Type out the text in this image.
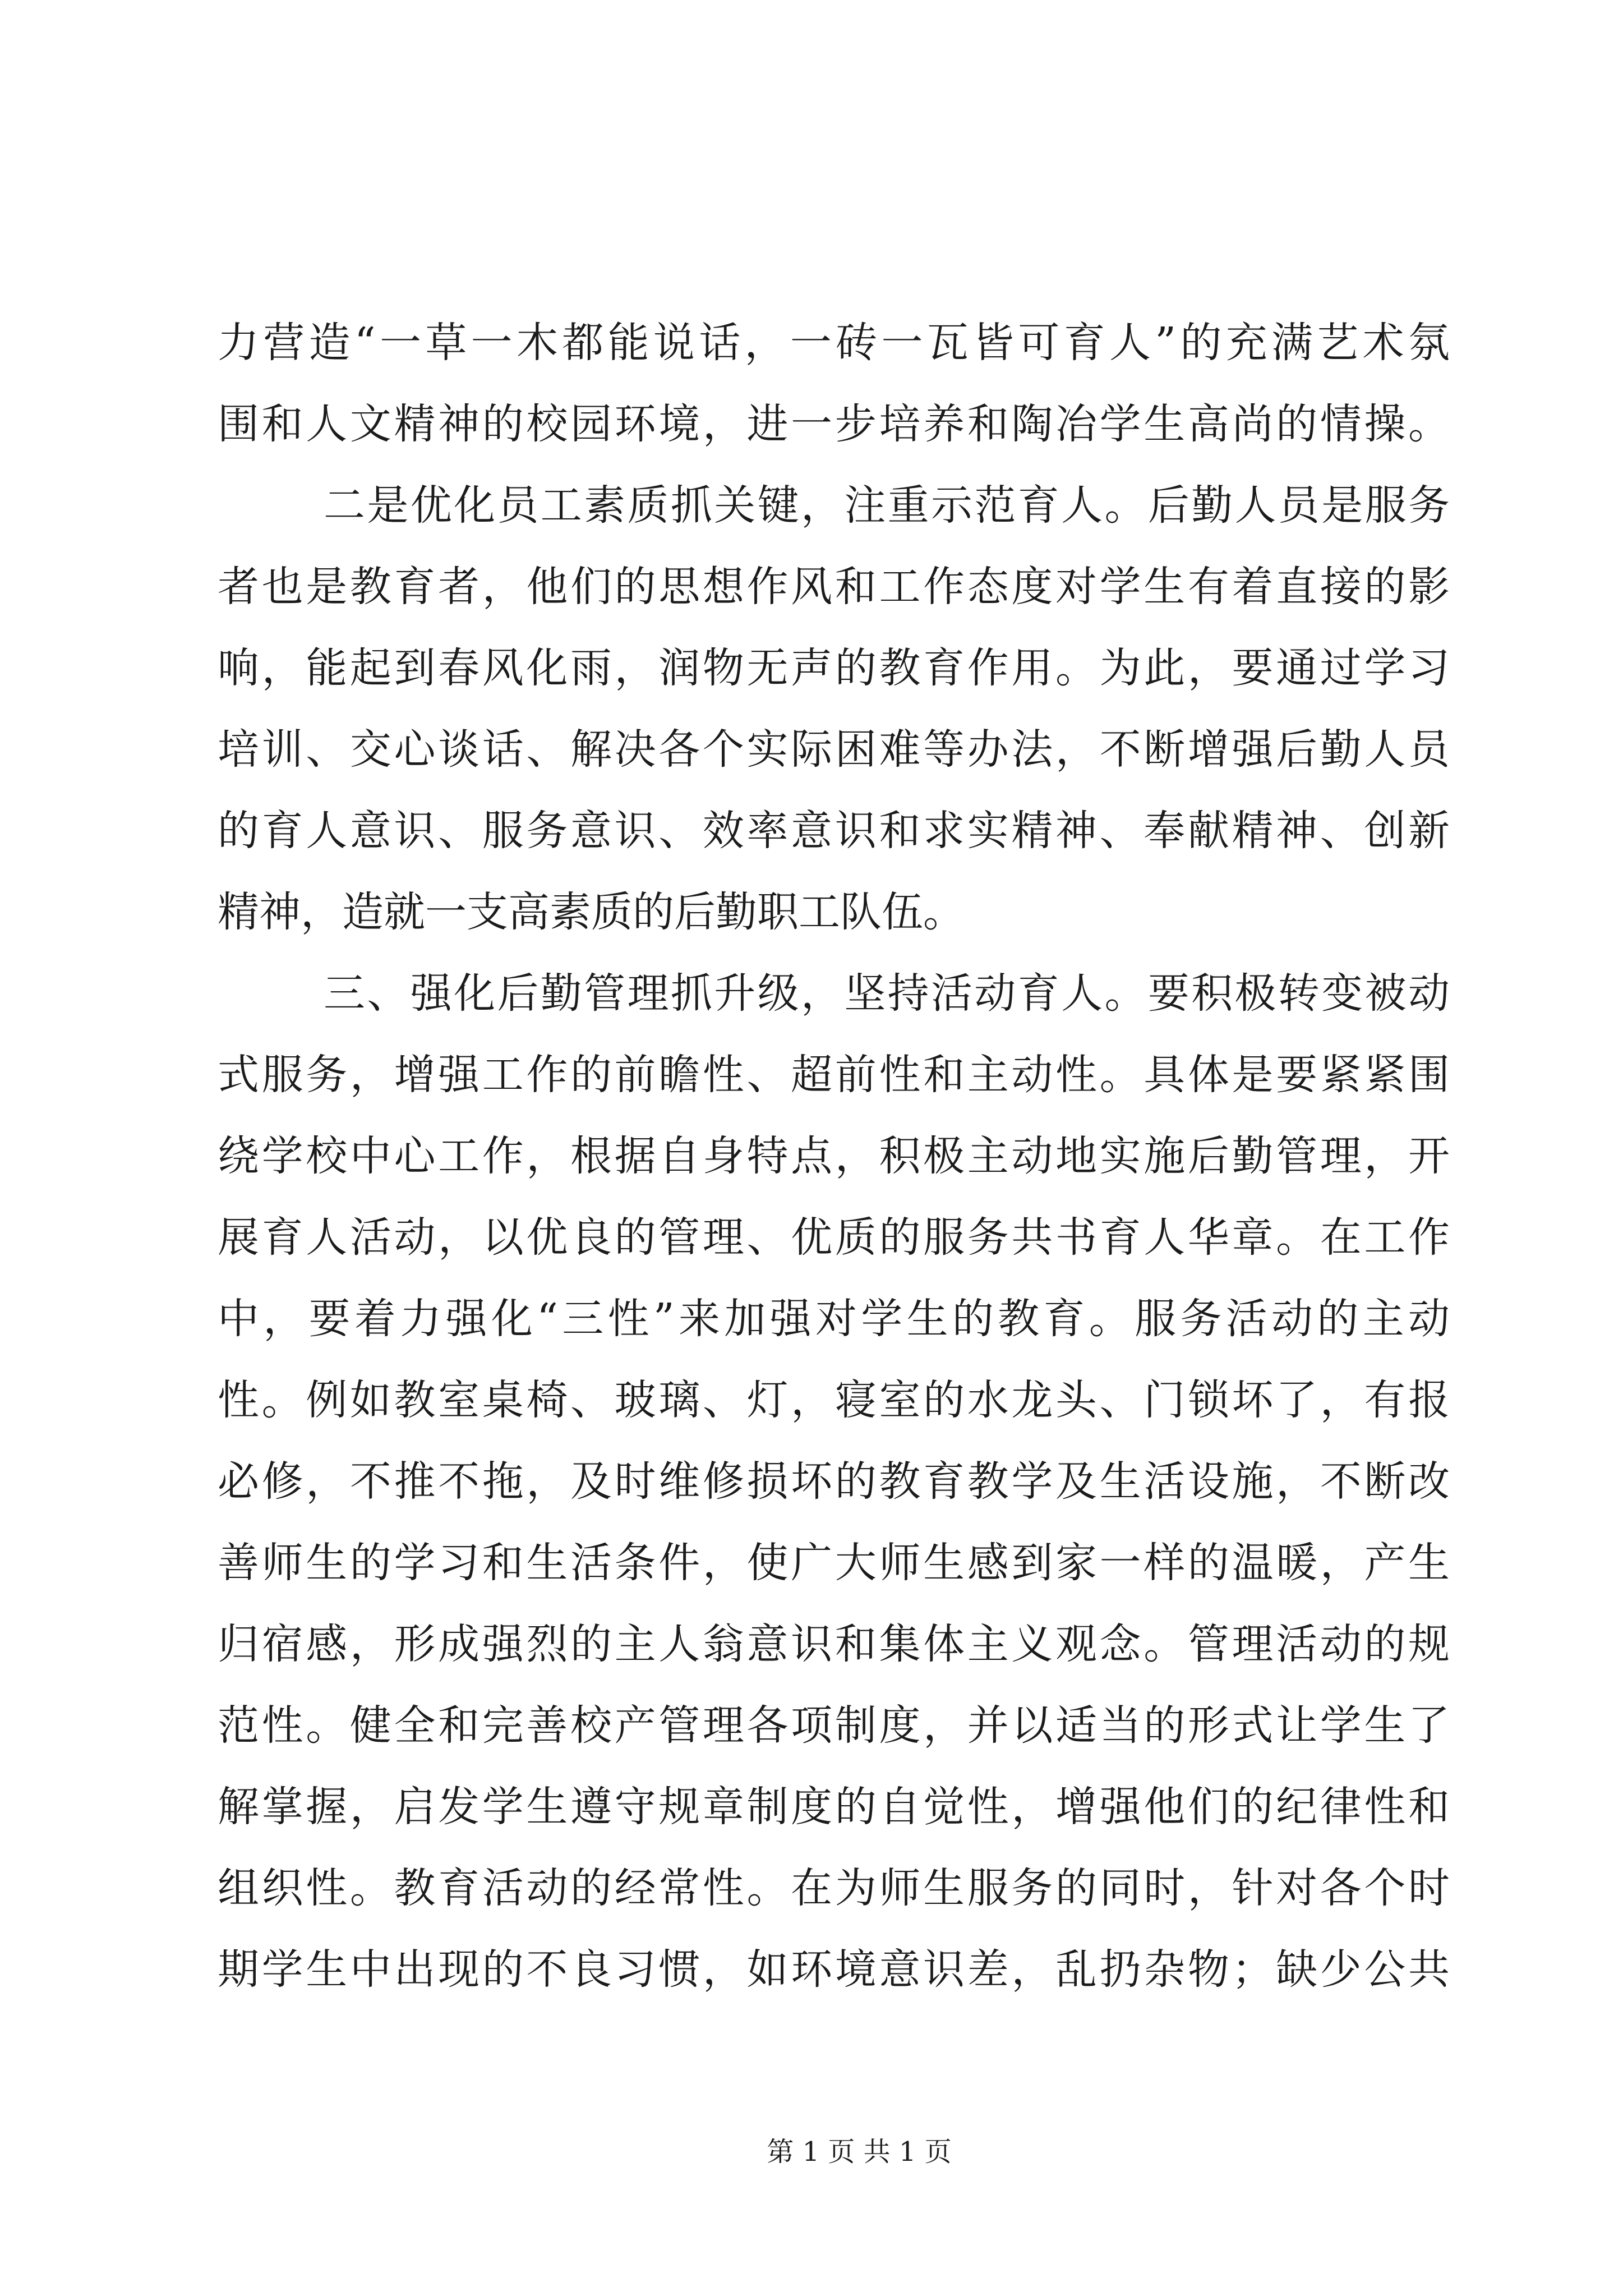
力营造“一草一木都能说话，一砖一瓦皆可育人”的充满艺术氛
围和人文精神的校园环境，进一步培养和陶冶学生高尚的情操。
二是优化员工素质抓关键，注重示范育人。后勤人员是服务
者也是教育者，他们的思想作风和工作态度对学生有着直接的影
响，能起到春风化雨，润物无声的教育作用。为此，要通过学习
培训、交心谈话、解决各个实际困难等办法，不断增强后勤人员
的育人意识、服务意识、效率意识和求实精神、奉献精神、创新
精神，造就一支高素质的后勤职工队伍。
三、强化后勤管理抓升级，坚持活动育人。要积极转变被动
式服务，增强工作的前瞻性、超前性和主动性。具体是要紧紧围
绕学校中心工作，根据自身特点，积极主动地实施后勤管理，开
展育人活动，以优良的管理、优质的服务共书育人华章。在工作
中，要着力强化“三性”来加强对学生的教育。服务活动的主动
性。例如教室桌椅、玻璃、灯，寝室的水龙头、门锁坏了，有报
必修，不推不拖，及时维修损坏的教育教学及生活设施，不断改
善师生的学习和生活条件，使广大师生感到家一样的温暖，产生
归宿感，形成强烈的主人翁意识和集体主义观念。管理活动的规
范性。健全和完善校产管理各项制度，并以适当的形式让学生了
解掌握，启发学生遵守规章制度的自觉性，增强他们的纪律性和
组织性。教育活动的经常性。在为师生服务的同时，针对各个时
期学生中出现的不良习惯，如环境意识差，乱扔杂物；缺少公共
第 1 页 共 1 页
